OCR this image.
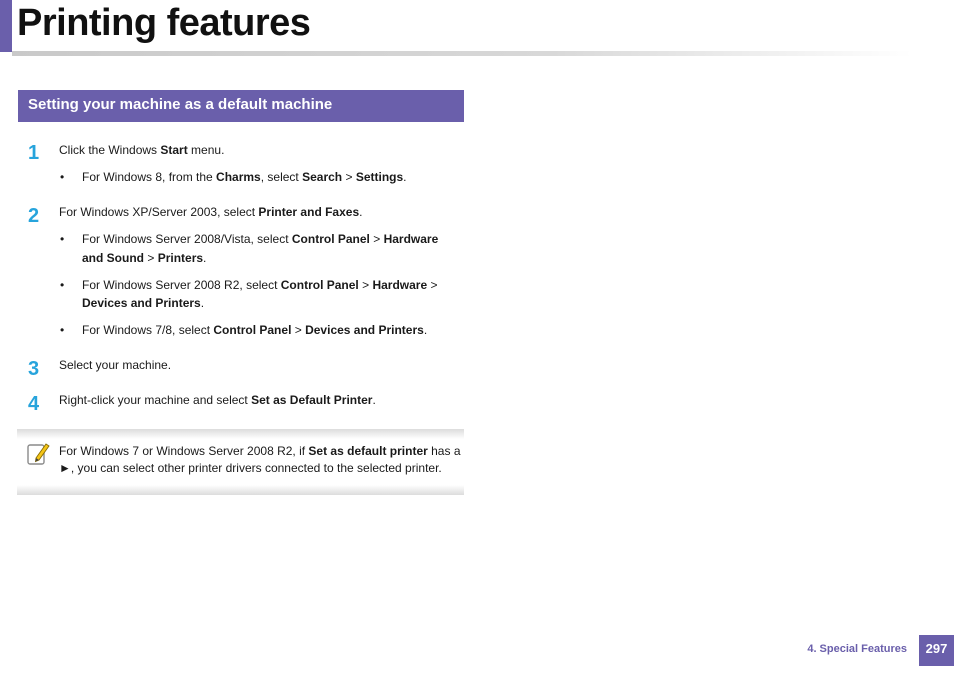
Printing features
Setting your machine as a default machine
1 Click the Windows Start menu.
• For Windows 8, from the Charms, select Search > Settings.
2 For Windows XP/Server 2003, select Printer and Faxes.
• For Windows Server 2008/Vista, select Control Panel > Hardware
and Sound > Printers.
• For Windows Server 2008 R2, select Control Panel > Hardware >
Devices and Printers.
• For Windows 7/8, select Control Panel > Devices and Printers.
3 Select your machine.
4 Right-click your machine and select Set as Default Printer.
For Windows 7 or Windows Server 2008 R2, if Set as default printer has a
►, you can select other printer drivers connected to the selected printer.
4. Special Features	297
